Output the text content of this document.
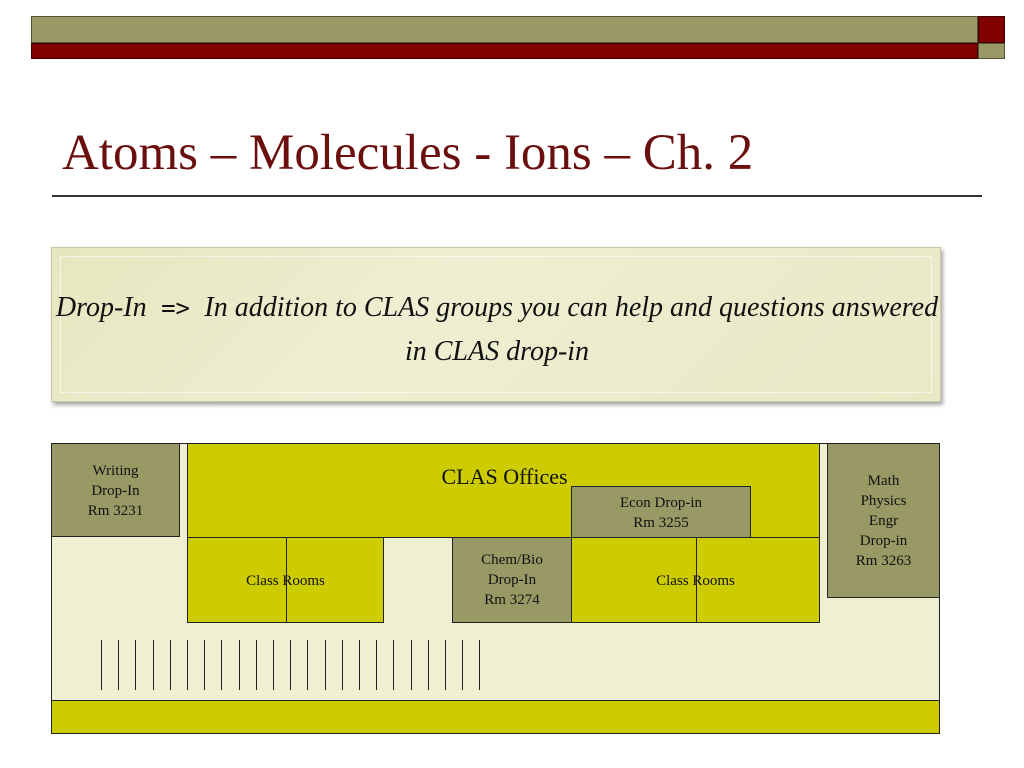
Atoms – Molecules - Ions – Ch. 2
Drop-In => In addition to CLAS groups you can help and questions answered in CLAS drop-in
Writing
Drop-In
Rm 3231
CLAS Offices
Econ Drop-in
Rm 3255
Class Rooms
Chem/Bio
Drop-In
Rm 3274
Class Rooms
Math
Physics
Engr
Drop-in
Rm 3263
